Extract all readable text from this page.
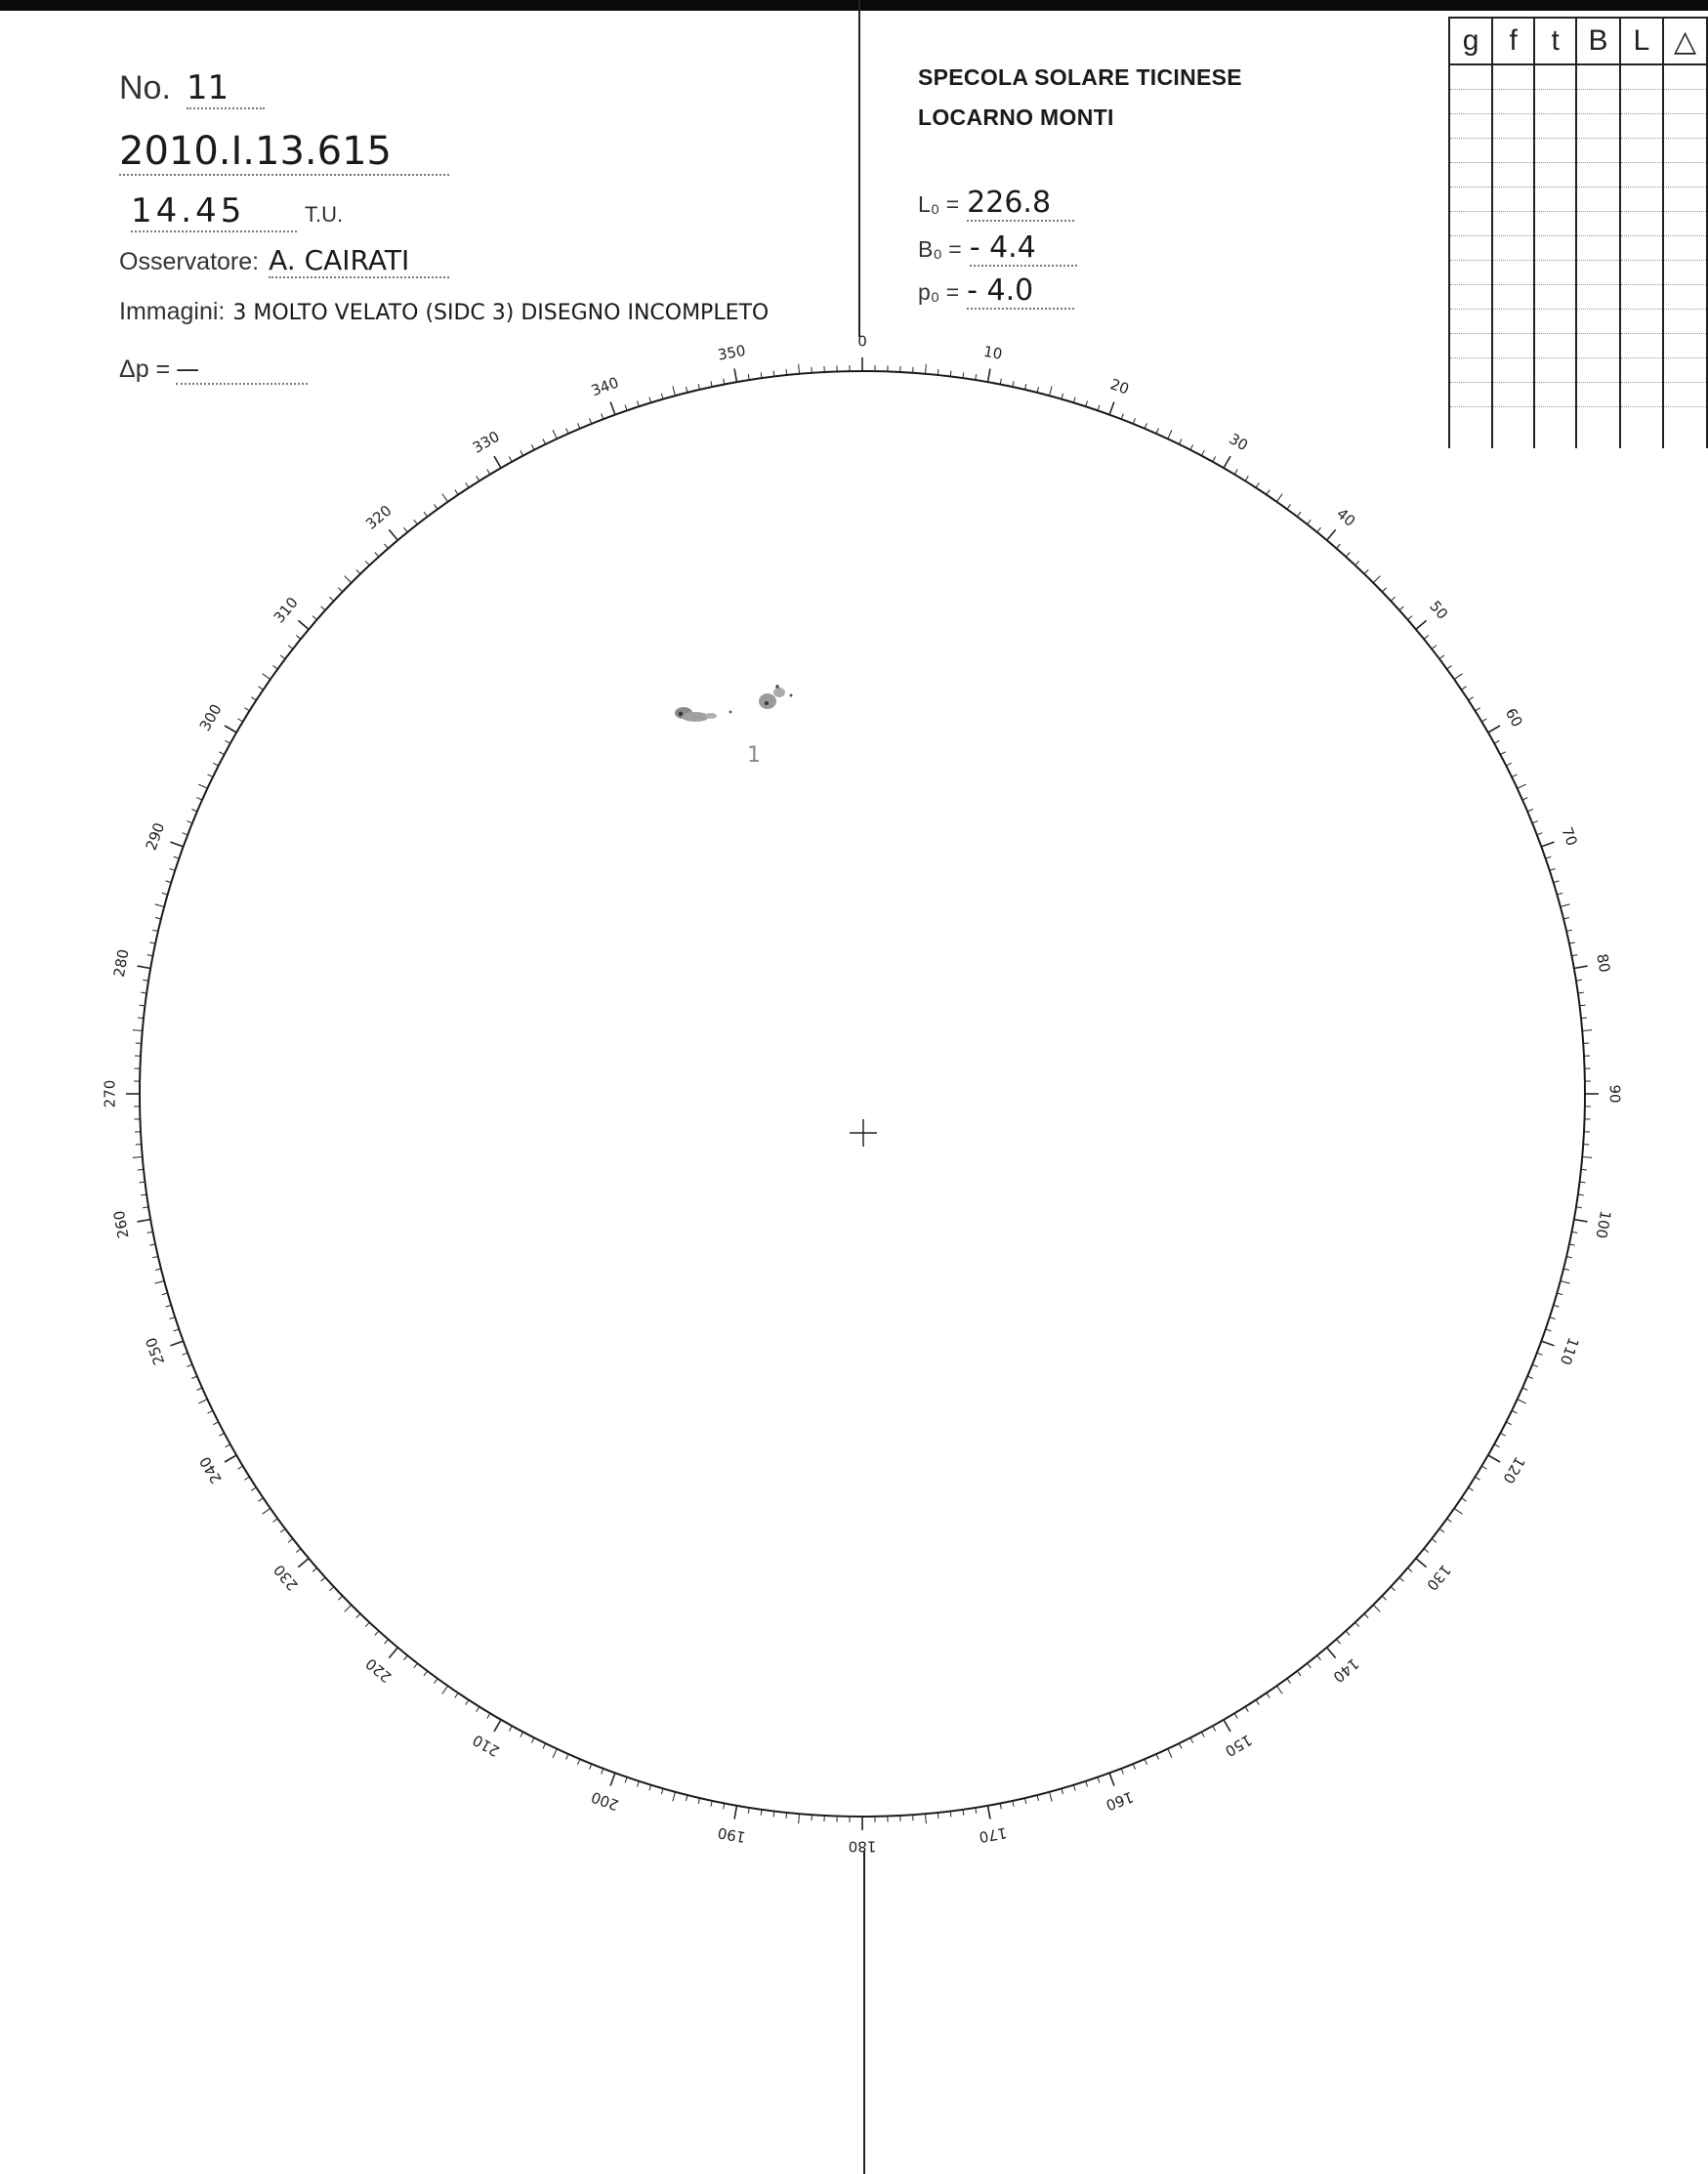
No. 11
2010.I.13.615
14.45	T.U.
Osservatore: A. CAIRATI
Immagini: 3 MOLTO VELATO (SIDC 3) DISEGNO INCOMPLETO
Δp = —
SPECOLA SOLARE TICINESE
LOCARNO MONTI
L₀ = 226.8
B₀ = - 4.4
p₀ = - 4.0
g	f	t	B	L	△

0
10
20
30
40
50
60
70
80
90
100
110
120
130
140
150
160
170
180
190
200
210
220
230
240
250
260
270
280
290
300
310
320
330
340
350
1
